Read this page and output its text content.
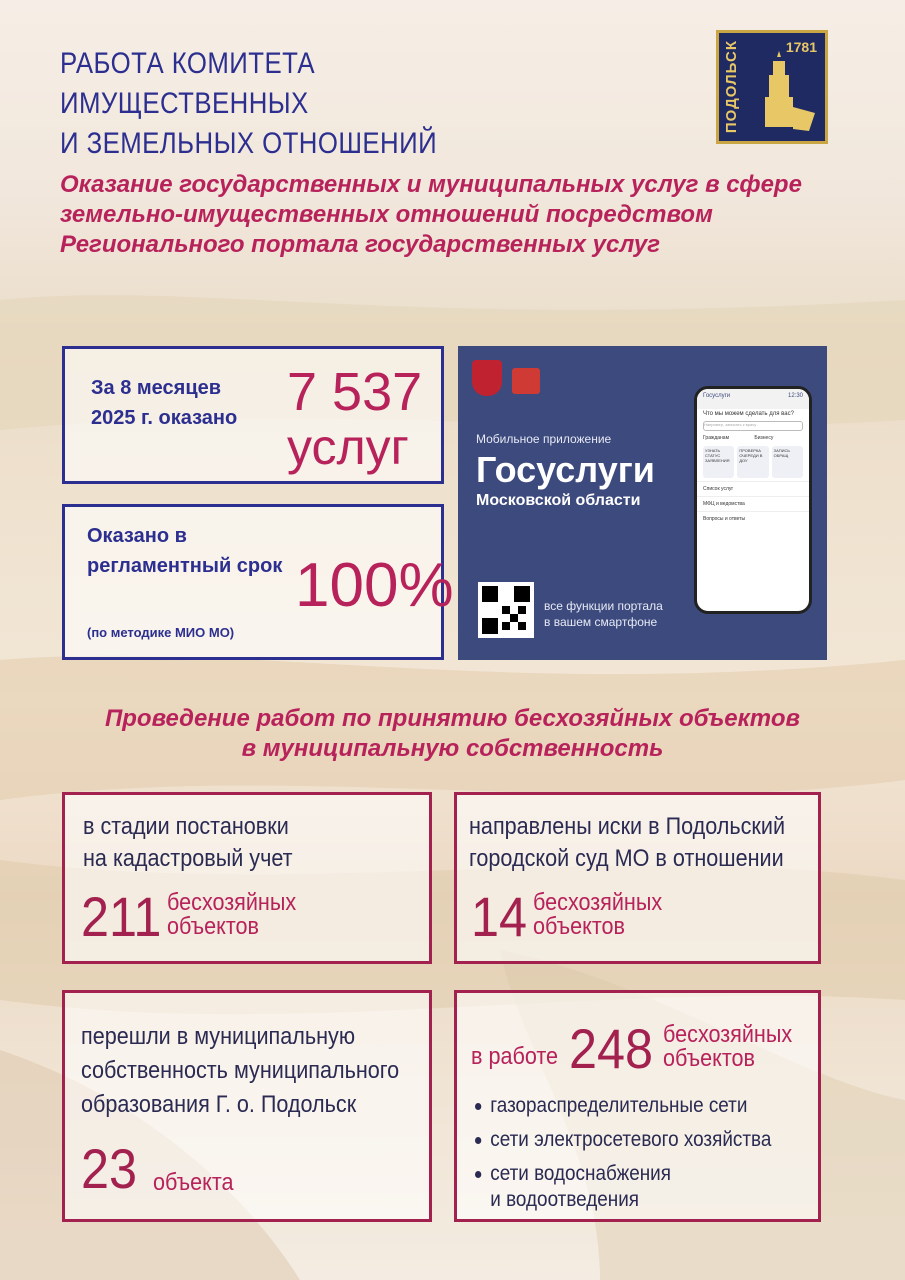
РАБОТА КОМИТЕТА ИМУЩЕСТВЕННЫХ
И ЗЕМЕЛЬНЫХ ОТНОШЕНИЙ
1781
ПОДОЛЬСК
Оказание государственных и муниципальных услуг в сфере земельно-имущественных отношений посредством Регионального портала государственных услуг
За 8 месяцев 2025 г. оказано 7 537
услуг
Оказано в регламентный срок
(по методике МИО МО)
100%
Мобильное приложение
Госуслуги
Московской области
все функции портала
в вашем смартфоне
Госуслуги	12:30
Что мы можем сделать для вас?
Например, записать к врачу
Гражданам	Бизнесу
УЗНАТЬ СТАТУС ЗАЯВЛЕНИЯ
ПРОВЕРКА ОЧЕРЕДИ В ДОУ
ЗАПИСЬ ОБРАЩ
Список услуг
МФЦ и ведомства
Вопросы и ответы
Проведение работ по принятию бесхозяйных объектов
в муниципальную собственность
в стадии постановки
на кадастровый учет
211 бесхозяйных
объектов
направлены иски в Подольский
городской суд МО в отношении
14 бесхозяйных
объектов
перешли в муниципальную
собственность муниципального
образования Г. о. Подольск
23 объекта
в работе 248 бесхозяйных
объектов
газораспределительные сети
сети электросетевого хозяйства
сети водоснабжения
и водоотведения
